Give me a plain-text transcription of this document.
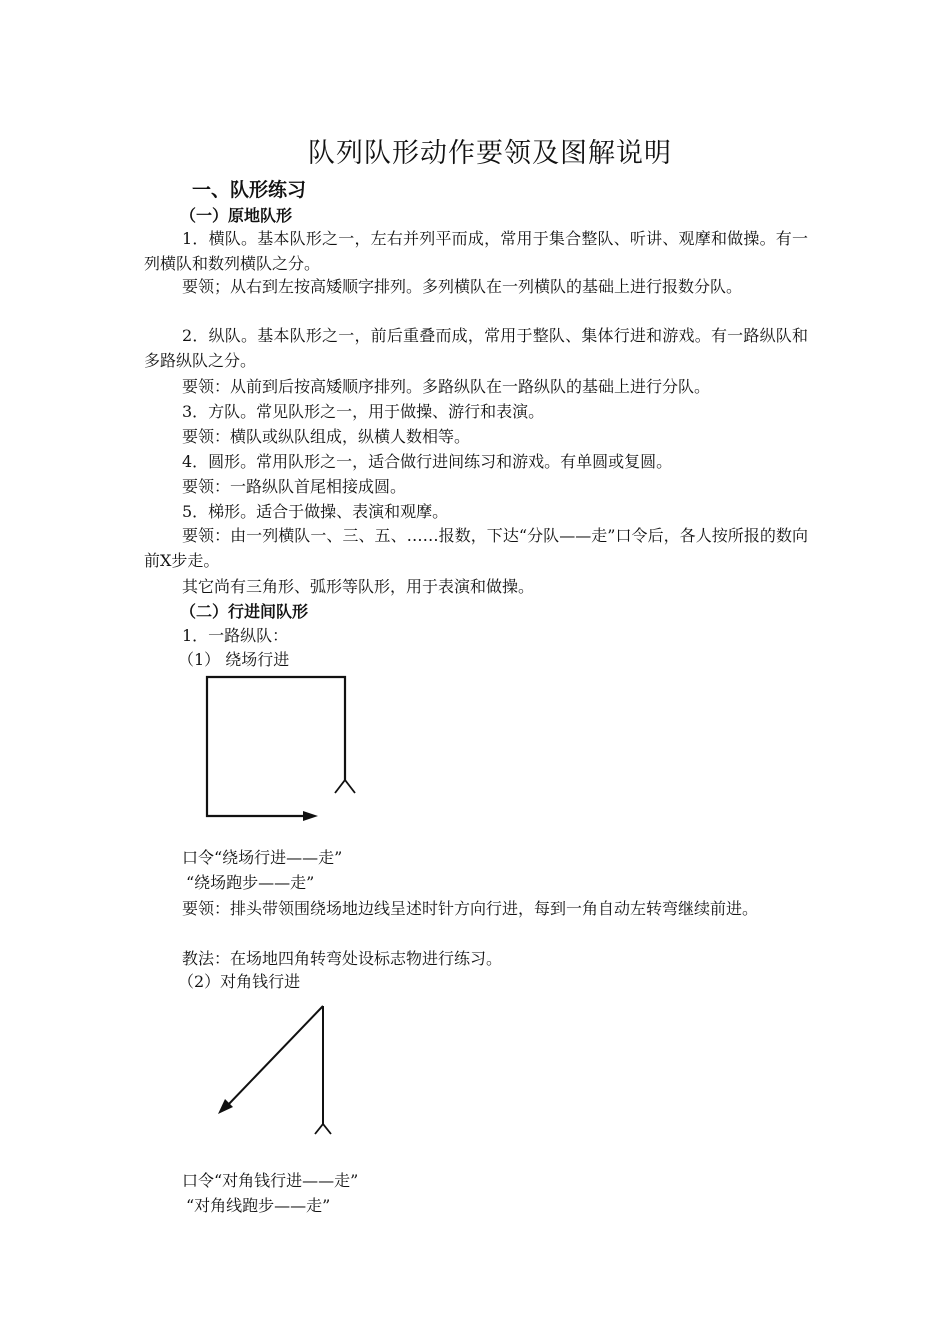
队列队形动作要领及图解说明
一、队形练习
（一）原地队形
1．横队。基本队形之一，左右并列平而成，常用于集合整队、听讲、观摩和做操。有一列横队和数列横队之分。
要领；从右到左按高矮顺字排列。多列横队在一列横队的基础上进行报数分队。
2．纵队。基本队形之一，前后重叠而成，常用于整队、集体行进和游戏。有一路纵队和多路纵队之分。
要领：从前到后按高矮顺序排列。多路纵队在一路纵队的基础上进行分队。
3．方队。常见队形之一，用于做操、游行和表演。
要领：横队或纵队组成，纵横人数相等。
4．圆形。常用队形之一，适合做行进间练习和游戏。有单圆或复圆。
要领：一路纵队首尾相接成圆。
5．梯形。适合于做操、表演和观摩。
要领：由一列横队一、三、五、……报数，下达“分队——走”口令后，各人按所报的数向前X步走。
其它尚有三角形、弧形等队形，用于表演和做操。
（二）行进间队形
1．一路纵队：
（1） 绕场行进
口令“绕场行进——走”
“绕场跑步——走”
要领：排头带领围绕场地边线呈述时针方向行进，每到一角自动左转弯继续前进。
教法：在场地四角转弯处设标志物进行练习。
（2）对角钱行进
口令“对角钱行进——走”
“对角线跑步——走”
